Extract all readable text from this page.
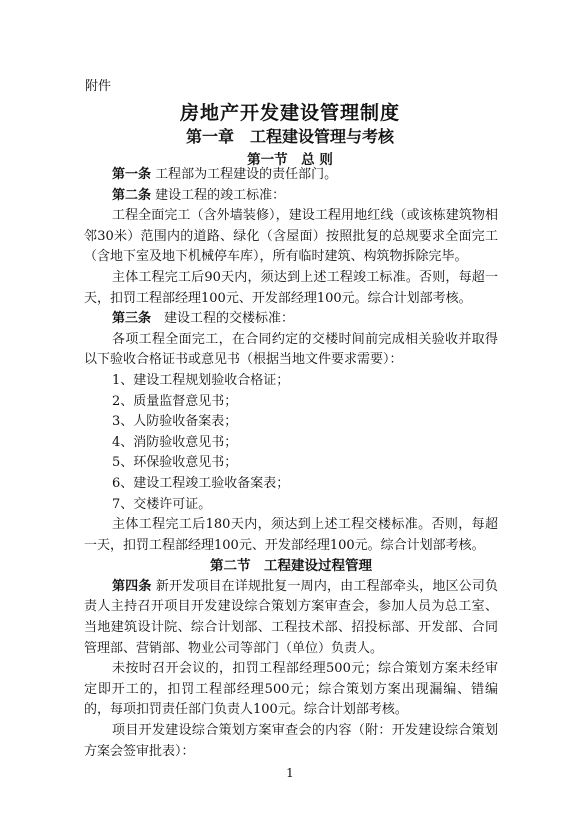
附件
房地产开发建设管理制度
第一章　工程建设管理与考核
第一节　总 则

第一条 工程部为工程建设的责任部门。

第二条 建设工程的竣工标准：

工程全面完工（含外墙装修），建设工程用地红线（或该栋建筑物相邻30米）范围内的道路、绿化（含屋面）按照批复的总规要求全面完工（含地下室及地下机械停车库），所有临时建筑、构筑物拆除完毕。

主体工程完工后90天内，须达到上述工程竣工标准。否则，每超一天，扣罚工程部经理100元、开发部经理100元。综合计划部考核。

第三条　建设工程的交楼标准：

各项工程全面完工，在合同约定的交楼时间前完成相关验收并取得以下验收合格证书或意见书（根据当地文件要求需要）：

1、建设工程规划验收合格证；

2、质量监督意见书；

3、人防验收备案表；

4、消防验收意见书；

5、环保验收意见书；

6、建设工程竣工验收备案表；

7、交楼许可证。

主体工程完工后180天内，须达到上述工程交楼标准。否则，每超一天，扣罚工程部经理100元、开发部经理100元。综合计划部考核。

第二节　工程建设过程管理

第四条 新开发项目在详规批复一周内，由工程部牵头，地区公司负责人主持召开项目开发建设综合策划方案审查会，参加人员为总工室、当地建筑设计院、综合计划部、工程技术部、招投标部、开发部、合同管理部、营销部、物业公司等部门（单位）负责人。

未按时召开会议的，扣罚工程部经理500元；综合策划方案未经审定即开工的，扣罚工程部经理500元；综合策划方案出现漏编、错编的，每项扣罚责任部门负责人100元。综合计划部考核。

项目开发建设综合策划方案审查会的内容（附：开发建设综合策划方案会签审批表）：

1
